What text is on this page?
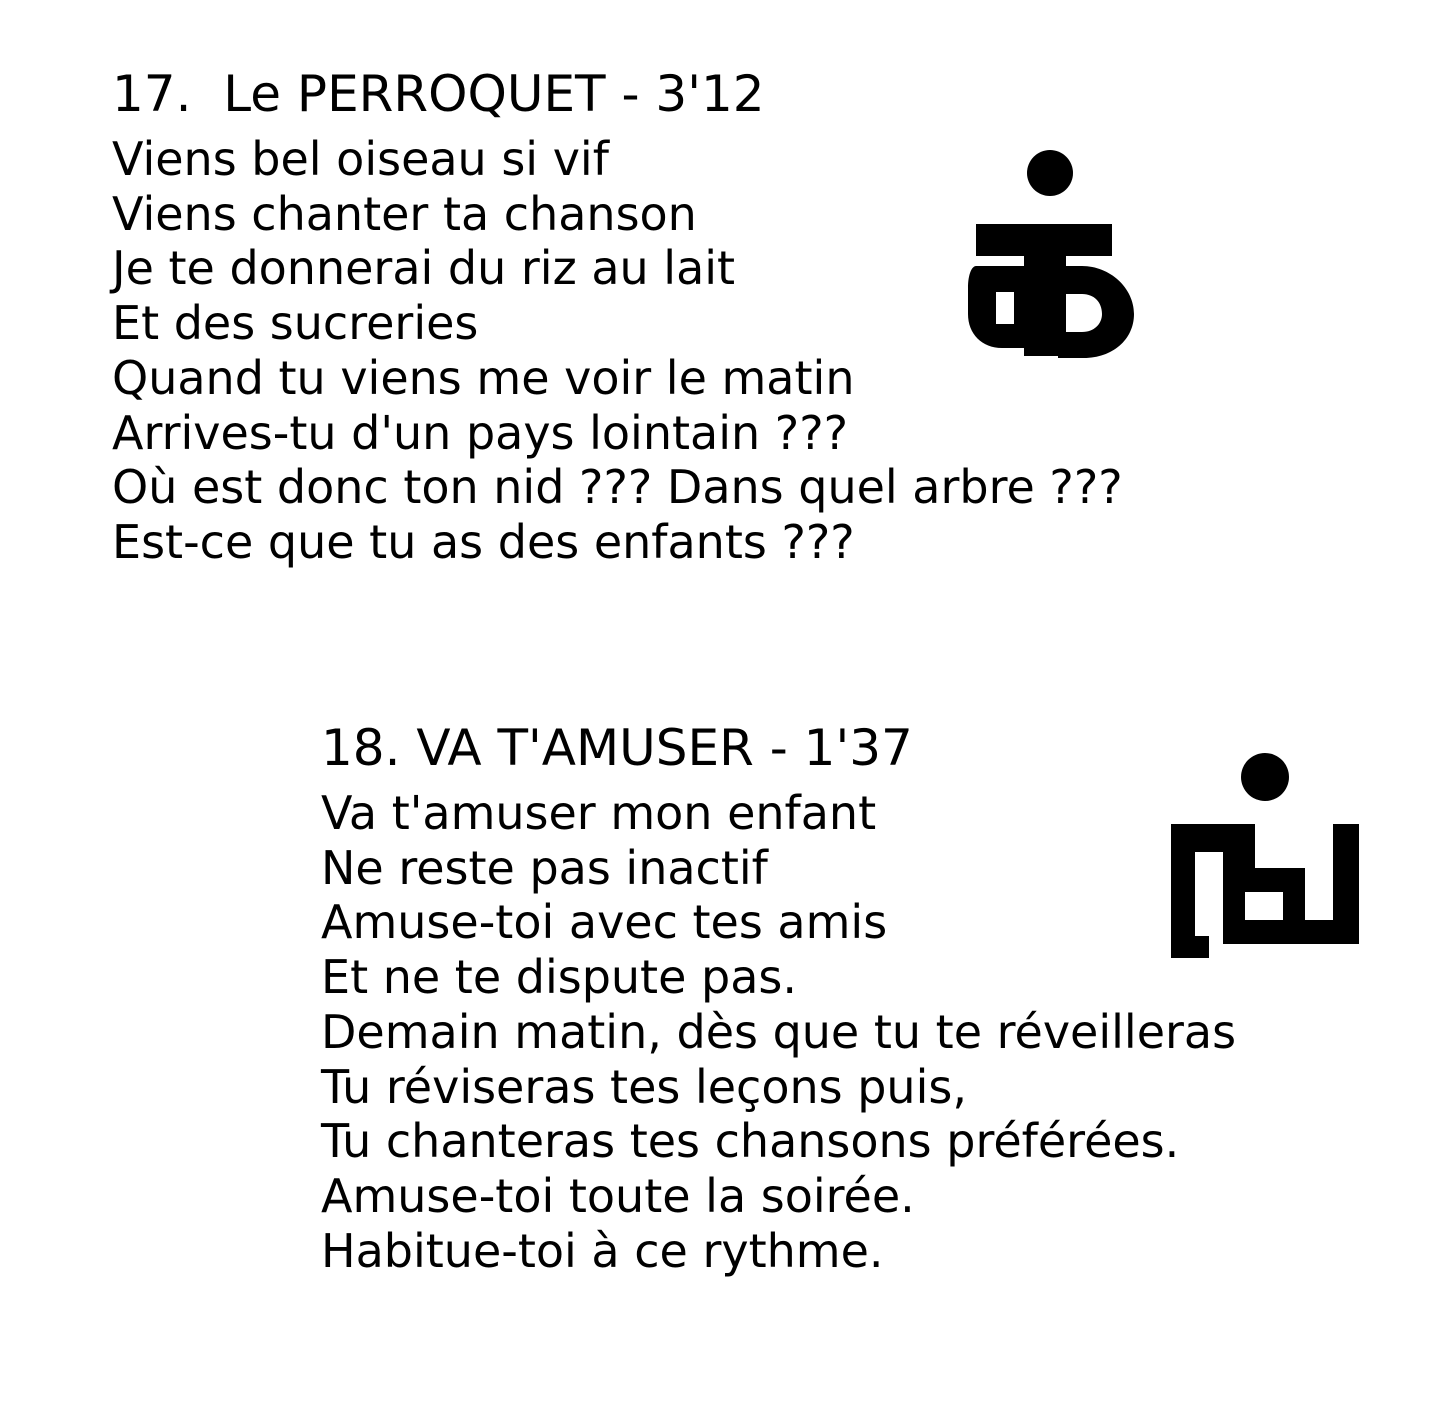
17.  Le PERROQUET - 3'12
Viens bel oiseau si vif
Viens chanter ta chanson
Je te donnerai du riz au lait
Et des sucreries
Quand tu viens me voir le matin
Arrives-tu d'un pays lointain ???
Où est donc ton nid ??? Dans quel arbre ???
Est-ce que tu as des enfants ???
18. VA T'AMUSER - 1'37
Va t'amuser mon enfant
Ne reste pas inactif
Amuse-toi avec tes amis
Et ne te dispute pas.
Demain matin, dès que tu te réveilleras
Tu réviseras tes leçons puis,
Tu chanteras tes chansons préférées.
Amuse-toi toute la soirée.
Habitue-toi à ce rythme.
